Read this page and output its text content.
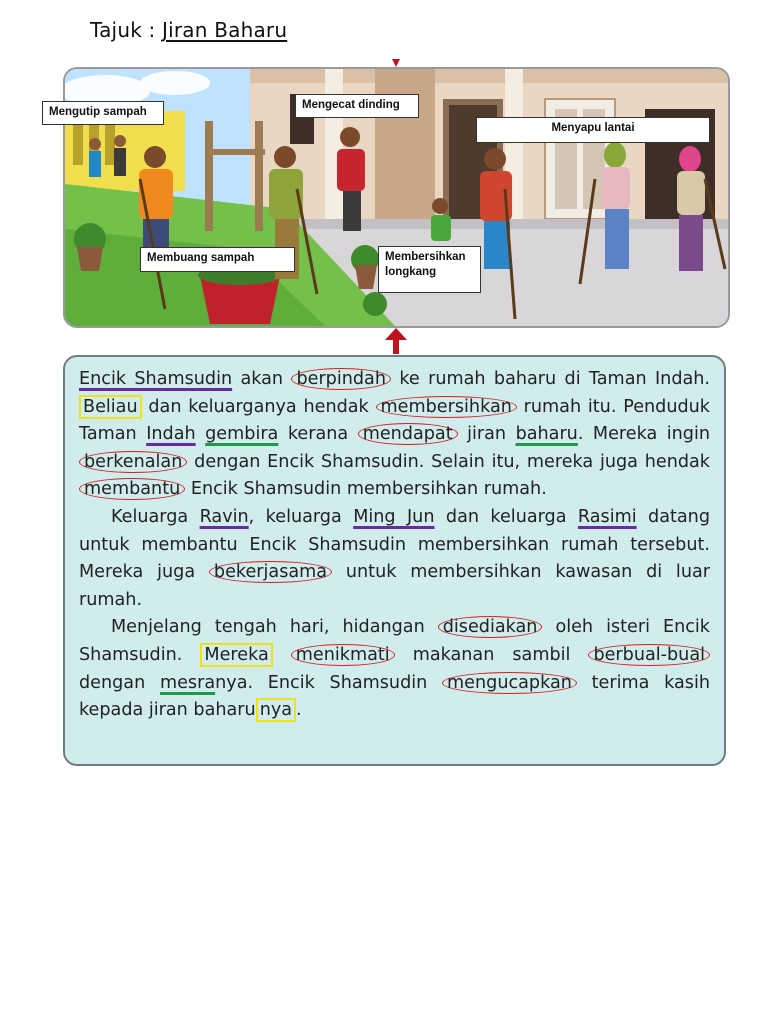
Tajuk : Jiran Baharu
Mengutip sampah
Mengecat dinding
Menyapu lantai
Membuang sampah	Membersihkan
longkang

Encik Shamsudin akan berpindah ke rumah baharu di Taman Indah. Beliau dan keluarganya hendak membersihkan rumah itu. Penduduk Taman Indah gembira kerana mendapat jiran baharu. Mereka ingin berkenalan dengan Encik Shamsudin. Selain itu, mereka juga hendak membantu Encik Shamsudin membersihkan rumah.

Keluarga Ravin, keluarga Ming Jun dan keluarga Rasimi datang untuk membantu Encik Shamsudin membersihkan rumah tersebut. Mereka juga bekerjasama untuk membersihkan kawasan di luar rumah.

Menjelang tengah hari, hidangan disediakan oleh isteri Encik Shamsudin. Mereka menikmati makanan sambil berbual-bual dengan mesranya. Encik Shamsudin mengucapkan terima kasih kepada jiran baharu nya .
